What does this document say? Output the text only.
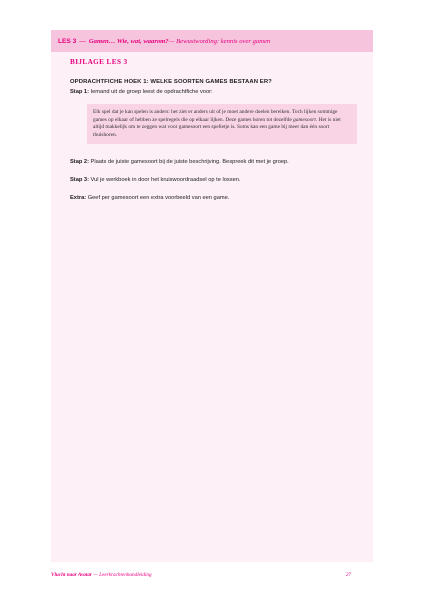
LES 3 — Gamen… Wie, wat, waarom? — Bewustwording: kennis over gamen
BIJLAGE LES 3
OPDRACHTFICHE HOEK 1: WELKE SOORTEN GAMES BESTAAN ER?
Stap 1: Iemand uit de groep leest de opdrachtfiche voor:
Elk spel dat je kan spelen is anders: het ziet er anders uit of je moet andere doelen bereiken. Toch lijken sommige games op elkaar of hebben ze spelregels die op elkaar lijken. Deze games horen tot dezelfde gamesoort. Het is niet altijd makkelijk om te zeggen wat voor gamesoort een spelletje is. Soms kan een game bij meer dan één soort thuishoren.
Stap 2: Plaats de juiste gamesoort bij de juiste beschrijving. Bespreek dit met je groep.
Stap 3: Vul je werkboek in door het kruiswoordraadsel op te lossen.
Extra: Geef per gamesoort een extra voorbeeld van een game.
Vlucht naar Avatar — Leerkrachtenhandleiding	27
